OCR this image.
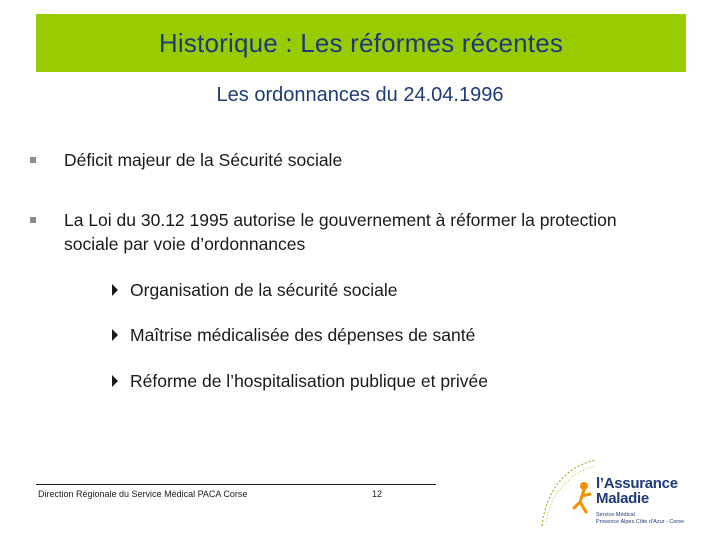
Historique : Les réformes récentes
Les ordonnances du 24.04.1996
Déficit majeur de la Sécurité sociale
La Loi du 30.12 1995 autorise le gouvernement à réformer la protection sociale par voie d’ordonnances
Organisation de la sécurité sociale
Maîtrise médicalisée des dépenses de santé
Réforme de l’hospitalisation publique et privée
Direction Régionale du Service Médical PACA Corse	12
l’Assurance
Maladie
Service Médical
Provence Alpes Côte d’Azur - Corse
